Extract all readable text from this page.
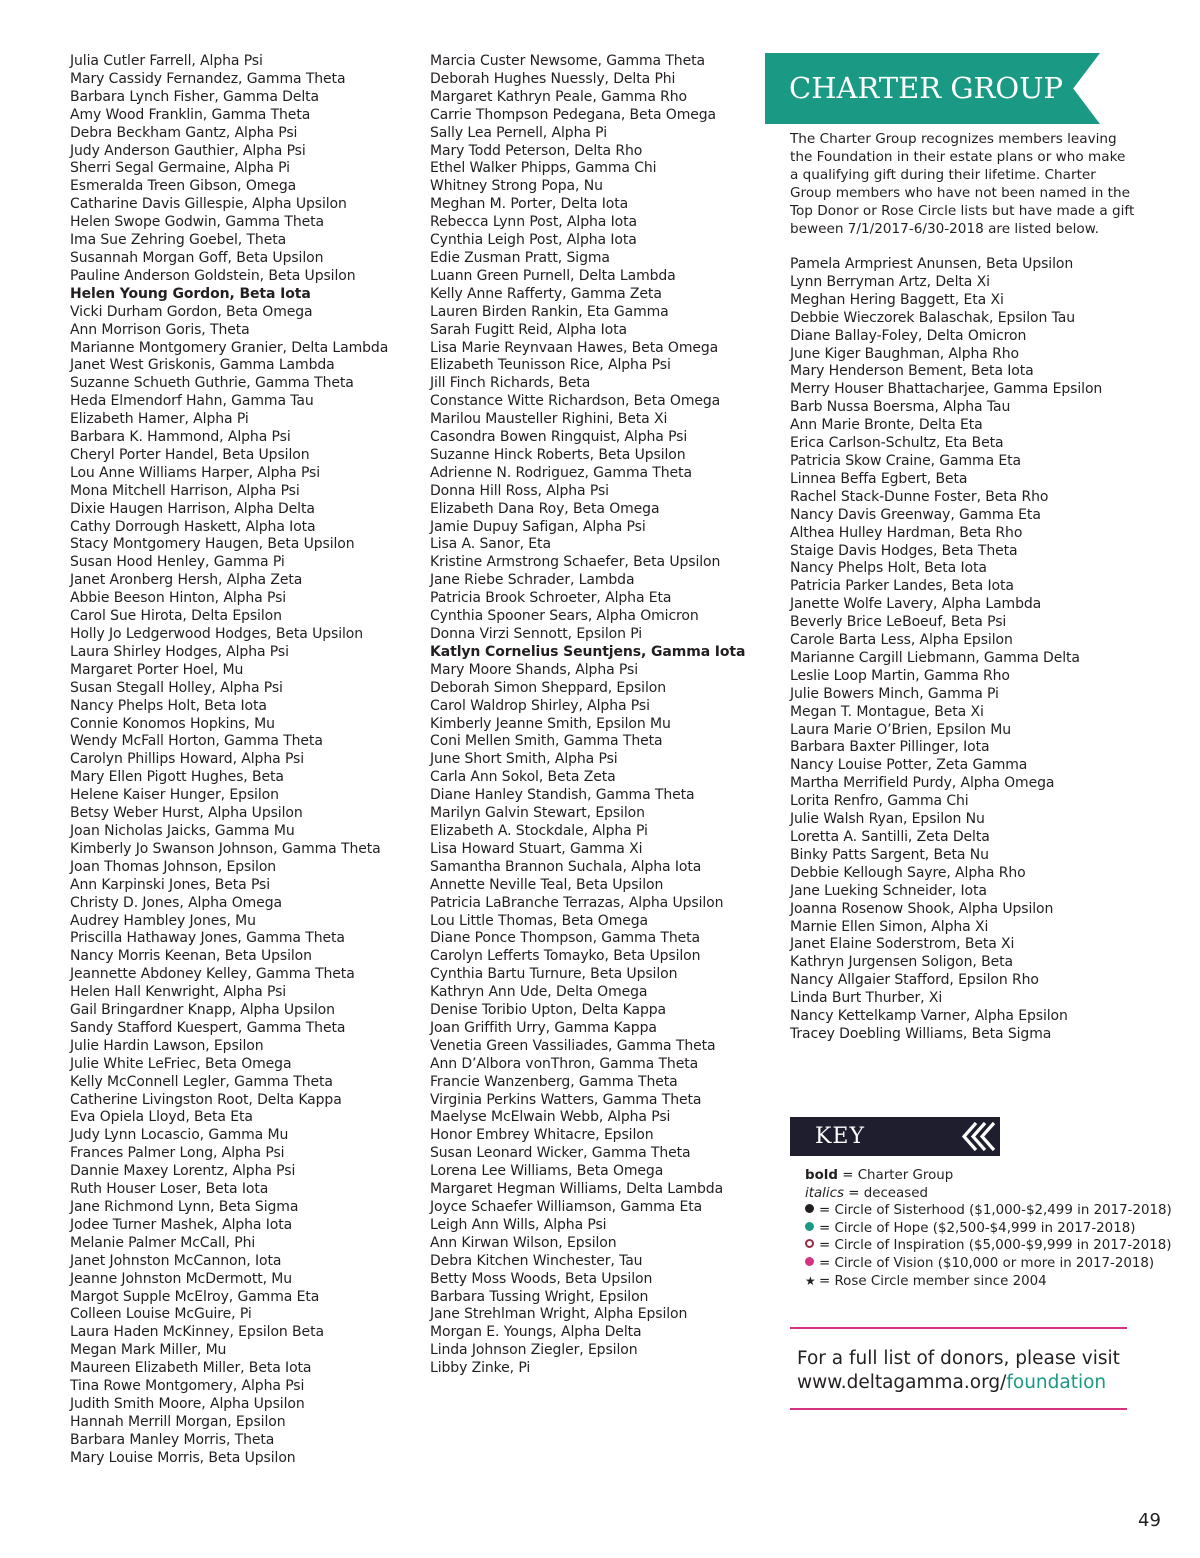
Julia Cutler Farrell, Alpha Psi
Mary Cassidy Fernandez, Gamma Theta
Barbara Lynch Fisher, Gamma Delta
Amy Wood Franklin, Gamma Theta
Debra Beckham Gantz, Alpha Psi
Judy Anderson Gauthier, Alpha Psi
Sherri Segal Germaine, Alpha Pi
Esmeralda Treen Gibson, Omega
Catharine Davis Gillespie, Alpha Upsilon
Helen Swope Godwin, Gamma Theta
Ima Sue Zehring Goebel, Theta
Susannah Morgan Goff, Beta Upsilon
Pauline Anderson Goldstein, Beta Upsilon
Helen Young Gordon, Beta Iota
Vicki Durham Gordon, Beta Omega
Ann Morrison Goris, Theta
Marianne Montgomery Granier, Delta Lambda
Janet West Griskonis, Gamma Lambda
Suzanne Schueth Guthrie, Gamma Theta
Heda Elmendorf Hahn, Gamma Tau
Elizabeth Hamer, Alpha Pi
Barbara K. Hammond, Alpha Psi
Cheryl Porter Handel, Beta Upsilon
Lou Anne Williams Harper, Alpha Psi
Mona Mitchell Harrison, Alpha Psi
Dixie Haugen Harrison, Alpha Delta
Cathy Dorrough Haskett, Alpha Iota
Stacy Montgomery Haugen, Beta Upsilon
Susan Hood Henley, Gamma Pi
Janet Aronberg Hersh, Alpha Zeta
Abbie Beeson Hinton, Alpha Psi
Carol Sue Hirota, Delta Epsilon
Holly Jo Ledgerwood Hodges, Beta Upsilon
Laura Shirley Hodges, Alpha Psi
Margaret Porter Hoel, Mu
Susan Stegall Holley, Alpha Psi
Nancy Phelps Holt, Beta Iota
Connie Konomos Hopkins, Mu
Wendy McFall Horton, Gamma Theta
Carolyn Phillips Howard, Alpha Psi
Mary Ellen Pigott Hughes, Beta
Helene Kaiser Hunger, Epsilon
Betsy Weber Hurst, Alpha Upsilon
Joan Nicholas Jaicks, Gamma Mu
Kimberly Jo Swanson Johnson, Gamma Theta
Joan Thomas Johnson, Epsilon
Ann Karpinski Jones, Beta Psi
Christy D. Jones, Alpha Omega
Audrey Hambley Jones, Mu
Priscilla Hathaway Jones, Gamma Theta
Nancy Morris Keenan, Beta Upsilon
Jeannette Abdoney Kelley, Gamma Theta
Helen Hall Kenwright, Alpha Psi
Gail Bringardner Knapp, Alpha Upsilon
Sandy Stafford Kuespert, Gamma Theta
Julie Hardin Lawson, Epsilon
Julie White LeFriec, Beta Omega
Kelly McConnell Legler, Gamma Theta
Catherine Livingston Root, Delta Kappa
Eva Opiela Lloyd, Beta Eta
Judy Lynn Locascio, Gamma Mu
Frances Palmer Long, Alpha Psi
Dannie Maxey Lorentz, Alpha Psi
Ruth Houser Loser, Beta Iota
Jane Richmond Lynn, Beta Sigma
Jodee Turner Mashek, Alpha Iota
Melanie Palmer McCall, Phi
Janet Johnston McCannon, Iota
Jeanne Johnston McDermott, Mu
Margot Supple McElroy, Gamma Eta
Colleen Louise McGuire, Pi
Laura Haden McKinney, Epsilon Beta
Megan Mark Miller, Mu
Maureen Elizabeth Miller, Beta Iota
Tina Rowe Montgomery, Alpha Psi
Judith Smith Moore, Alpha Upsilon
Hannah Merrill Morgan, Epsilon
Barbara Manley Morris, Theta
Mary Louise Morris, Beta Upsilon
Marcia Custer Newsome, Gamma Theta
Deborah Hughes Nuessly, Delta Phi
Margaret Kathryn Peale, Gamma Rho
Carrie Thompson Pedegana, Beta Omega
Sally Lea Pernell, Alpha Pi
Mary Todd Peterson, Delta Rho
Ethel Walker Phipps, Gamma Chi
Whitney Strong Popa, Nu
Meghan M. Porter, Delta Iota
Rebecca Lynn Post, Alpha Iota
Cynthia Leigh Post, Alpha Iota
Edie Zusman Pratt, Sigma
Luann Green Purnell, Delta Lambda
Kelly Anne Rafferty, Gamma Zeta
Lauren Birden Rankin, Eta Gamma
Sarah Fugitt Reid, Alpha Iota
Lisa Marie Reynvaan Hawes, Beta Omega
Elizabeth Teunisson Rice, Alpha Psi
Jill Finch Richards, Beta
Constance Witte Richardson, Beta Omega
Marilou Mausteller Righini, Beta Xi
Casondra Bowen Ringquist, Alpha Psi
Suzanne Hinck Roberts, Beta Upsilon
Adrienne N. Rodriguez, Gamma Theta
Donna Hill Ross, Alpha Psi
Elizabeth Dana Roy, Beta Omega
Jamie Dupuy Safigan, Alpha Psi
Lisa A. Sanor, Eta
Kristine Armstrong Schaefer, Beta Upsilon
Jane Riebe Schrader, Lambda
Patricia Brook Schroeter, Alpha Eta
Cynthia Spooner Sears, Alpha Omicron
Donna Virzi Sennott, Epsilon Pi
Katlyn Cornelius Seuntjens, Gamma Iota
Mary Moore Shands, Alpha Psi
Deborah Simon Sheppard, Epsilon
Carol Waldrop Shirley, Alpha Psi
Kimberly Jeanne Smith, Epsilon Mu
Coni Mellen Smith, Gamma Theta
June Short Smith, Alpha Psi
Carla Ann Sokol, Beta Zeta
Diane Hanley Standish, Gamma Theta
Marilyn Galvin Stewart, Epsilon
Elizabeth A. Stockdale, Alpha Pi
Lisa Howard Stuart, Gamma Xi
Samantha Brannon Suchala, Alpha Iota
Annette Neville Teal, Beta Upsilon
Patricia LaBranche Terrazas, Alpha Upsilon
Lou Little Thomas, Beta Omega
Diane Ponce Thompson, Gamma Theta
Carolyn Lefferts Tomayko, Beta Upsilon
Cynthia Bartu Turnure, Beta Upsilon
Kathryn Ann Ude, Delta Omega
Denise Toribio Upton, Delta Kappa
Joan Griffith Urry, Gamma Kappa
Venetia Green Vassiliades, Gamma Theta
Ann D’Albora vonThron, Gamma Theta
Francie Wanzenberg, Gamma Theta
Virginia Perkins Watters, Gamma Theta
Maelyse McElwain Webb, Alpha Psi
Honor Embrey Whitacre, Epsilon
Susan Leonard Wicker, Gamma Theta
Lorena Lee Williams, Beta Omega
Margaret Hegman Williams, Delta Lambda
Joyce Schaefer Williamson, Gamma Eta
Leigh Ann Wills, Alpha Psi
Ann Kirwan Wilson, Epsilon
Debra Kitchen Winchester, Tau
Betty Moss Woods, Beta Upsilon
Barbara Tussing Wright, Epsilon
Jane Strehlman Wright, Alpha Epsilon
Morgan E. Youngs, Alpha Delta
Linda Johnson Ziegler, Epsilon
Libby Zinke, Pi
CHARTER GROUP
The Charter Group recognizes members leaving the Foundation in their estate plans or who make a qualifying gift during their lifetime. Charter Group members who have not been named in the Top Donor or Rose Circle lists but have made a gift beween 7/1/2017-6/30-2018 are listed below.
Pamela Armpriest Anunsen, Beta Upsilon
Lynn Berryman Artz, Delta Xi
Meghan Hering Baggett, Eta Xi
Debbie Wieczorek Balaschak, Epsilon Tau
Diane Ballay-Foley, Delta Omicron
June Kiger Baughman, Alpha Rho
Mary Henderson Bement, Beta Iota
Merry Houser Bhattacharjee, Gamma Epsilon
Barb Nussa Boersma, Alpha Tau
Ann Marie Bronte, Delta Eta
Erica Carlson-Schultz, Eta Beta
Patricia Skow Craine, Gamma Eta
Linnea Beffa Egbert, Beta
Rachel Stack-Dunne Foster, Beta Rho
Nancy Davis Greenway, Gamma Eta
Althea Hulley Hardman, Beta Rho
Staige Davis Hodges, Beta Theta
Nancy Phelps Holt, Beta Iota
Patricia Parker Landes, Beta Iota
Janette Wolfe Lavery, Alpha Lambda
Beverly Brice LeBoeuf, Beta Psi
Carole Barta Less, Alpha Epsilon
Marianne Cargill Liebmann, Gamma Delta
Leslie Loop Martin, Gamma Rho
Julie Bowers Minch, Gamma Pi
Megan T. Montague, Beta Xi
Laura Marie O’Brien, Epsilon Mu
Barbara Baxter Pillinger, Iota
Nancy Louise Potter, Zeta Gamma
Martha Merrifield Purdy, Alpha Omega
Lorita Renfro, Gamma Chi
Julie Walsh Ryan, Epsilon Nu
Loretta A. Santilli, Zeta Delta
Binky Patts Sargent, Beta Nu
Debbie Kellough Sayre, Alpha Rho
Jane Lueking Schneider, Iota
Joanna Rosenow Shook, Alpha Upsilon
Marnie Ellen Simon, Alpha Xi
Janet Elaine Soderstrom, Beta Xi
Kathryn Jurgensen Soligon, Beta
Nancy Allgaier Stafford, Epsilon Rho
Linda Burt Thurber, Xi
Nancy Kettelkamp Varner, Alpha Epsilon
Tracey Doebling Williams, Beta Sigma
KEY
bold = Charter Group
italics = deceased
= Circle of Sisterhood ($1,000-$2,499 in 2017-2018)
= Circle of Hope ($2,500-$4,999 in 2017-2018)
= Circle of Inspiration ($5,000-$9,999 in 2017-2018)
= Circle of Vision ($10,000 or more in 2017-2018)
★ = Rose Circle member since 2004
For a full list of donors, please visit
www.deltagamma.org/foundation
49
